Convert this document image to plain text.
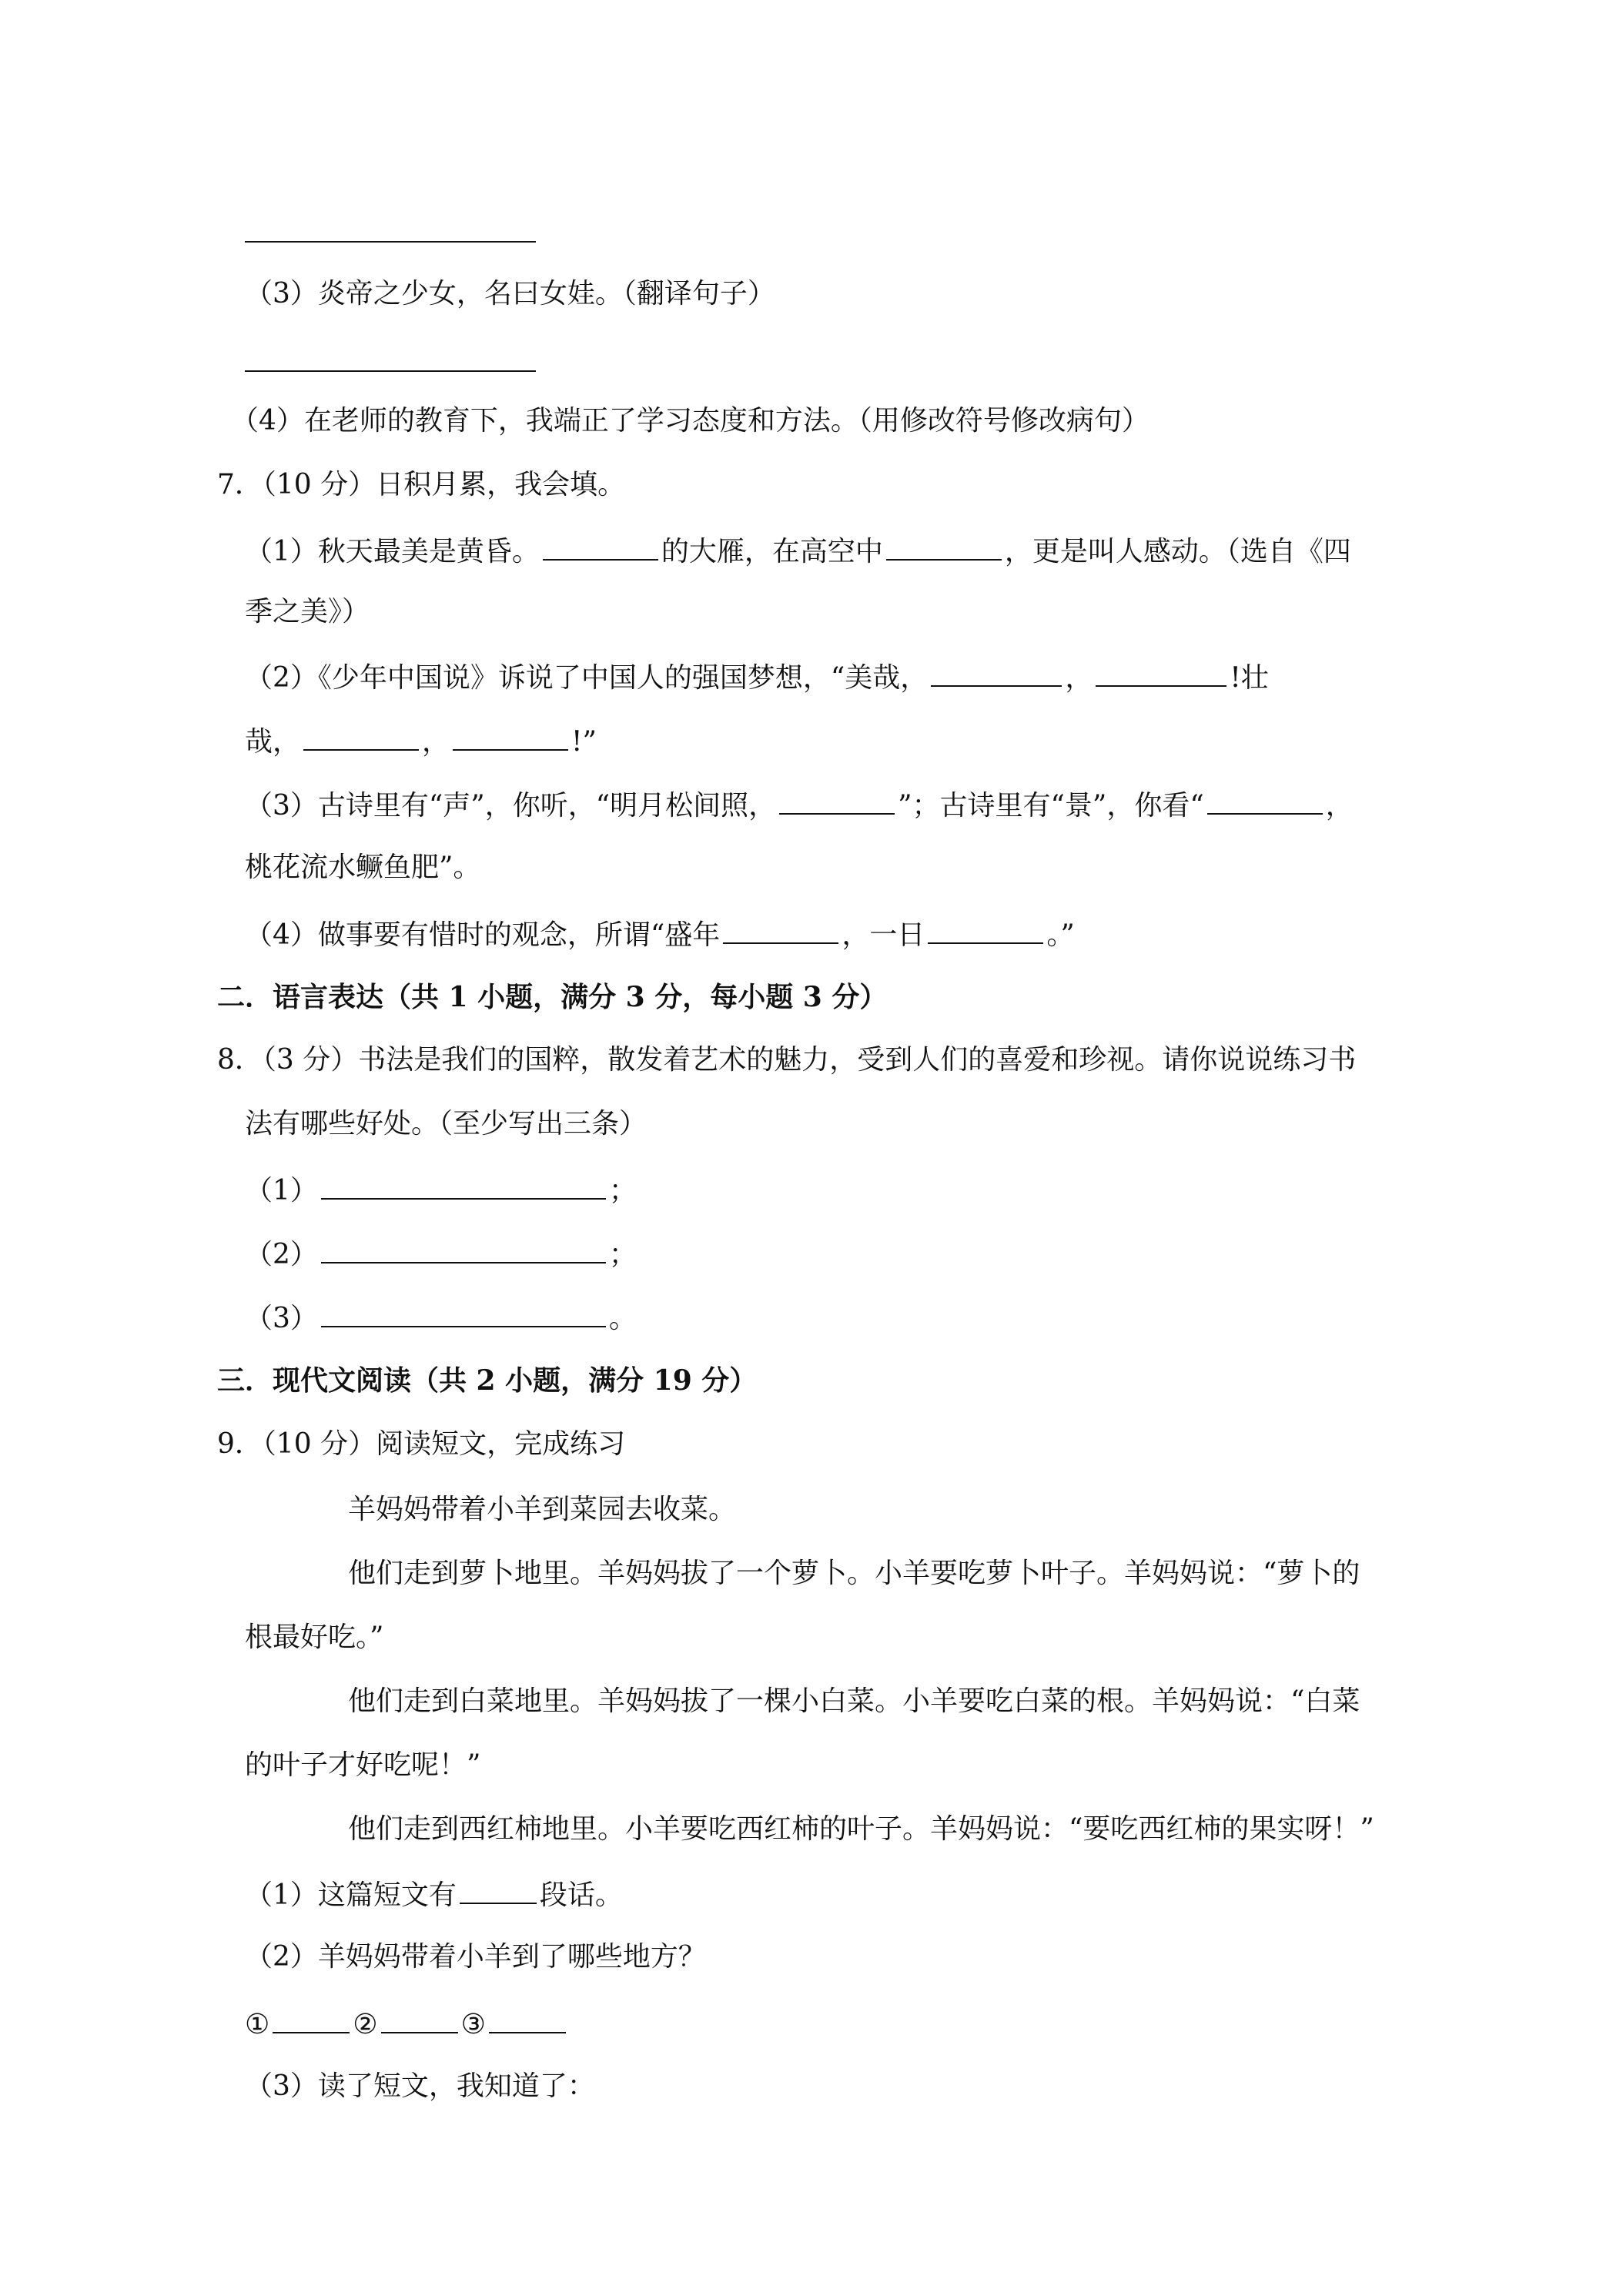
（3）炎帝之少女，名曰女娃。（翻译句子）
（4）在老师的教育下，我端正了学习态度和方法。（用修改符号修改病句）
7．（10 分）日积月累，我会填。
（1）秋天最美是黄昏。	的大雁，在高空中	，更是叫人感动。（选自《四
季之美》）
（2）《少年中国说》诉说了中国人的强国梦想，“美哉，	，	!壮
哉，	，	!”
（3）古诗里有“声”，你听，“明月松间照，	”；古诗里有“景”，你看“	，
桃花流水鳜鱼肥”。
（4）做事要有惜时的观念，所谓“盛年	，一日	。”
二．语言表达（共 1 小题，满分 3 分，每小题 3 分）
8．（3 分）书法是我们的国粹，散发着艺术的魅力，受到人们的喜爱和珍视。请你说说练习书
法有哪些好处。（至少写出三条）
（1）	；
（2）	；
（3）	。
三．现代文阅读（共 2 小题，满分 19 分）
9．（10 分）阅读短文，完成练习
羊妈妈带着小羊到菜园去收菜。
他们走到萝卜地里。羊妈妈拔了一个萝卜。小羊要吃萝卜叶子。羊妈妈说：“萝卜的
根最好吃。”
他们走到白菜地里。羊妈妈拔了一棵小白菜。小羊要吃白菜的根。羊妈妈说：“白菜
的叶子才好吃呢！”
他们走到西红柿地里。小羊要吃西红柿的叶子。羊妈妈说：“要吃西红柿的果实呀！”
（1）这篇短文有	段话。
（2）羊妈妈带着小羊到了哪些地方？
①	②	③
（3）读了短文，我知道了：
